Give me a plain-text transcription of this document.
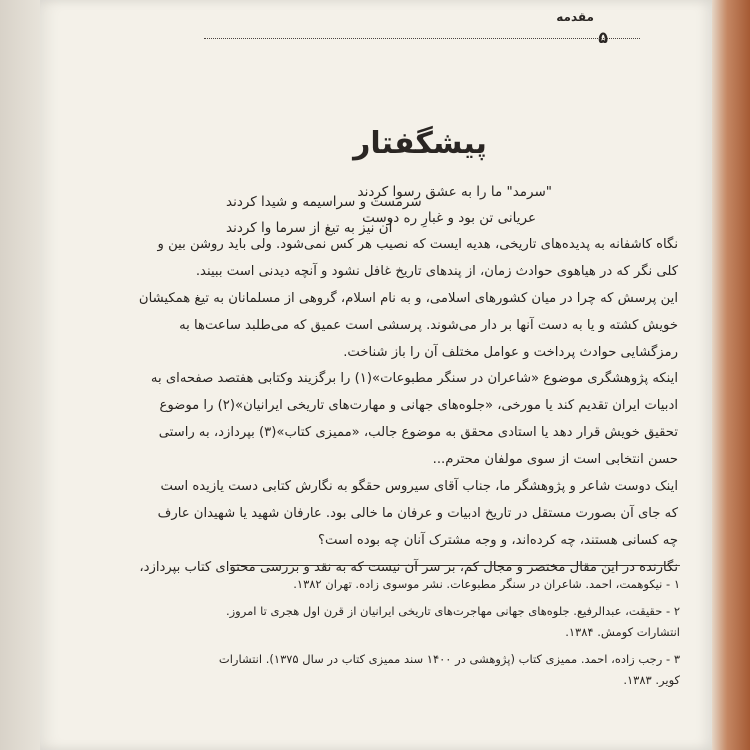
مقدمه
۵
پیشگفتار
"سرمد" ما را به عشق رسوا کردند
سرمست و سراسیمه و شیدا کردند
عریانی تن بود و غبارِ ره دوست
آن نیز به تیغ از سرما وا کردند
نگاه کاشفانه به پدیده‌های تاریخی، هدیه ایست که نصیب هر کس نمی‌شود. ولی باید روشن بین و
کلی نگر که در هیاهوی حوادث زمان، از پندهای تاریخ غافل نشود و آنچه دیدنی است ببیند.
این پرسش که چرا در میان کشورهای اسلامی، و به نام اسلام، گروهی از مسلمانان به تیغ همکیشان
خویش کشته و یا به دست آنها بر دار می‌شوند. پرسشی است عمیق که می‌طلبد ساعت‌ها به
رمزگشایی حوادث پرداخت و عوامل مختلف آن را باز شناخت.
اینکه پژوهشگری موضوع «شاعران در سنگر مطبوعات»(۱) را برگزیند وکتابی هفتصد صفحه‌ای به
ادبیات ایران تقدیم کند یا مورخی، «جلوه‌های جهانی و مهارت‌های تاریخی ایرانیان»(۲) را موضوع
تحقیق خویش قرار دهد یا استادی محقق به موضوع جالب، «ممیزی کتاب»(۳) بپردازد، به راستی
حسن انتخابی است از سوی مولفان محترم...
اینک دوست شاعر و پژوهشگر ما، جناب آقای سیروس حقگو به نگارش کتابی دست یازیده است
که جای آن بصورت مستقل در تاریخ ادبیات و عرفان ما خالی بود. عارفان شهید یا شهیدان عارف
چه کسانی هستند، چه کرده‌اند، و وجه مشترک آنان چه بوده است؟
نگارنده در این مقال مختصر و مجال کم، بر سر آن نیست که به نقد و بررسی محتوای کتاب بپردازد،
۱ - نیکوهمت، احمد. شاعران در سنگر مطبوعات. نشر موسوی زاده. تهران ۱۳۸۲.
۲ - حقیقت، عبدالرفیع. جلوه‌های جهانی مهاجرت‌های تاریخی ایرانیان از قرن اول هجری تا امروز.
انتشارات کومش. ۱۳۸۴.
۳ - رجب زاده، احمد. ممیزی کتاب (پژوهشی در ۱۴۰۰ سند ممیزی کتاب در سال ۱۳۷۵). انتشارات
کویر. ۱۳۸۳.
